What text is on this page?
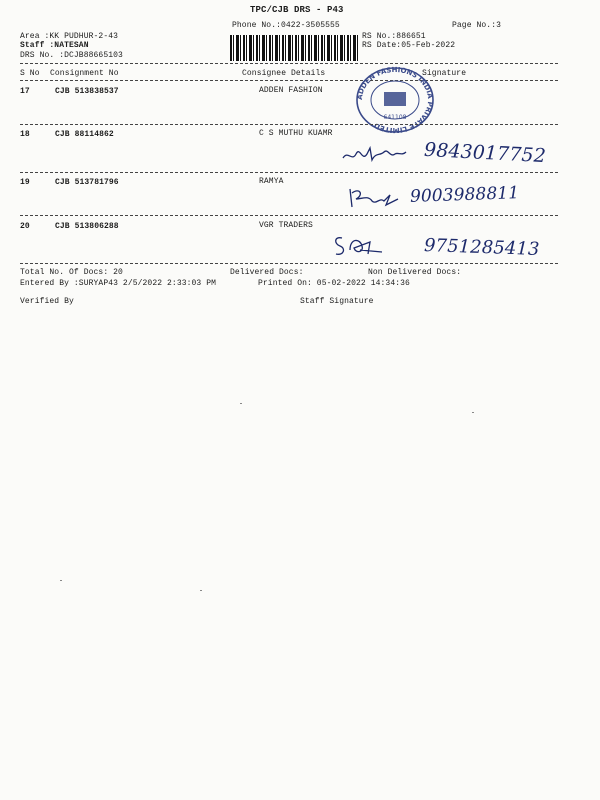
TPC/CJB DRS - P43
Phone No.:0422-3505555	Page No.:3
Area :KK PUDHUR-2-43
Staff :NATESAN
DRS No. :DCJB88665103
RS No.:886651
RS Date:05-Feb-2022
S No Consignment No	Consignee Details	Signature
17	CJB 513838537	ADDEN FASHION
ADDEN FASHIONS INDIA PRIVATE LIMITED
641108
18	CJB 88114862	C S MUTHU KUAMR
9843017752
19	CJB 513781796	RAMYA
9003988811
20	CJB 513806288	VGR TRADERS
9751285413
Total No. Of Docs: 20	Delivered Docs:	Non Delivered Docs:
Entered By :SURYAP43 2/5/2022 2:33:03 PM	Printed On: 05-02-2022 14:34:36
Verified By	Staff Signature
